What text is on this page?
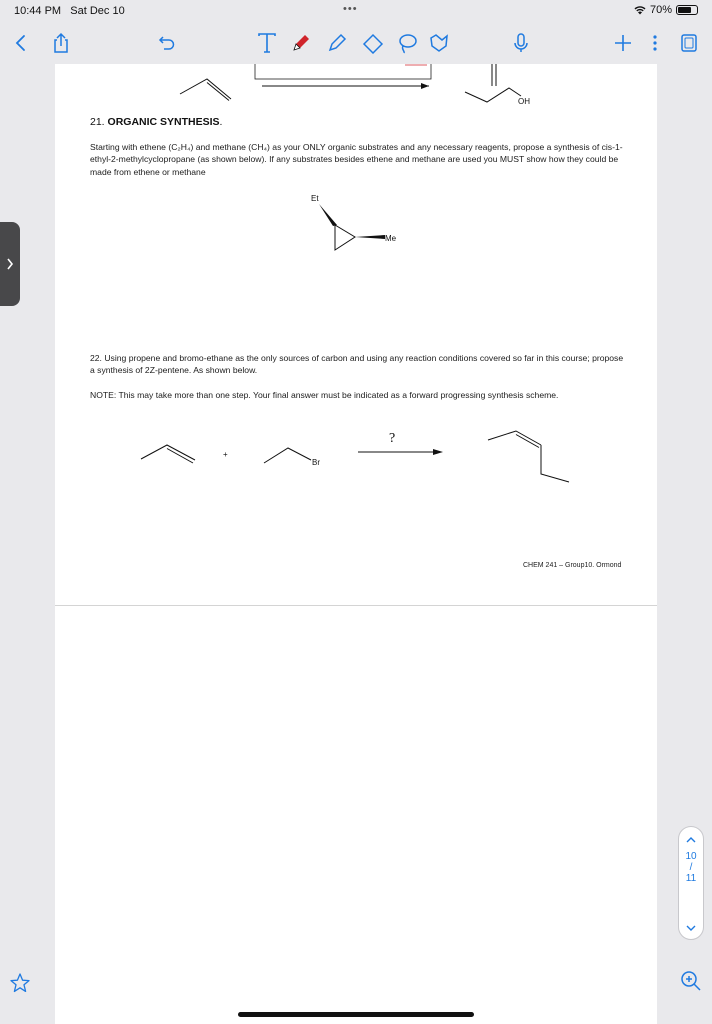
10:44 PM Sat Dec 10	•••	70%
OH
Et
Me
+
Br
?
21. ORGANIC SYNTHESIS.
Starting with ethene (C₂H₄) and methane (CH₄) as your ONLY organic substrates and any necessary reagents, propose a synthesis of cis-1-ethyl-2-methylcyclopropane (as shown below). If any substrates besides ethene and methane are used you MUST show how they could be made from ethene or methane
22. Using propene and bromo-ethane as the only sources of carbon and using any reaction conditions covered so far in this course; propose a synthesis of 2Z-pentene. As shown below.
NOTE: This may take more than one step. Your final answer must be indicated as a forward progressing synthesis scheme.
CHEM 241 – Group10. Ormond
10
/
11
